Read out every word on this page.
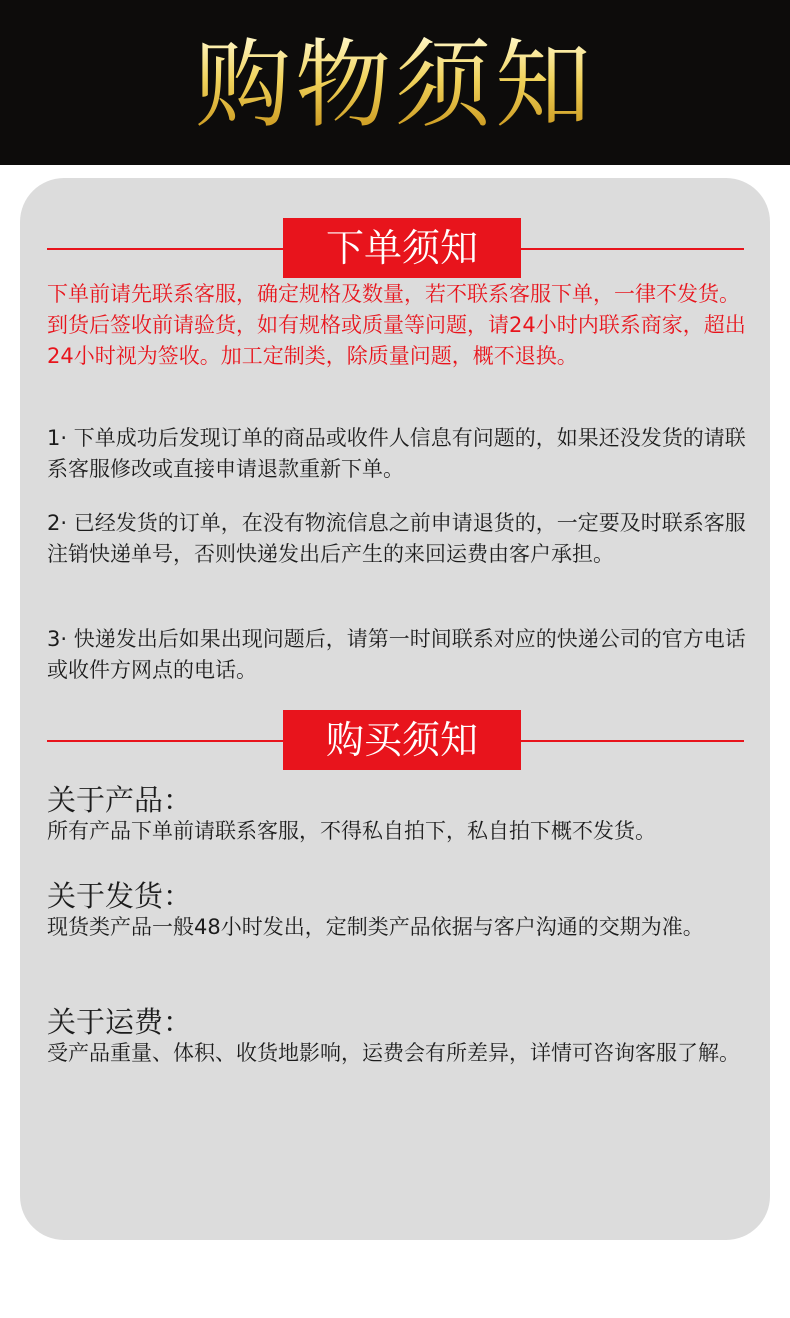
购物须知
下单须知

下单前请先联系客服，确定规格及数量，若不联系客服下单，一律不发货。到货后签收前请验货，如有规格或质量等问题，请24小时内联系商家，超出24小时视为签收。加工定制类，除质量问题，概不退换。

1· 下单成功后发现订单的商品或收件人信息有问题的，如果还没发货的请联系客服修改或直接申请退款重新下单。

2· 已经发货的订单，在没有物流信息之前申请退货的，一定要及时联系客服注销快递单号，否则快递发出后产生的来回运费由客户承担。

3· 快递发出后如果出现问题后，请第一时间联系对应的快递公司的官方电话或收件方网点的电话。

购买须知

关于产品：

所有产品下单前请联系客服，不得私自拍下，私自拍下概不发货。

关于发货：

现货类产品一般48小时发出，定制类产品依据与客户沟通的交期为准。

关于运费：

受产品重量、体积、收货地影响，运费会有所差异，详情可咨询客服了解。
